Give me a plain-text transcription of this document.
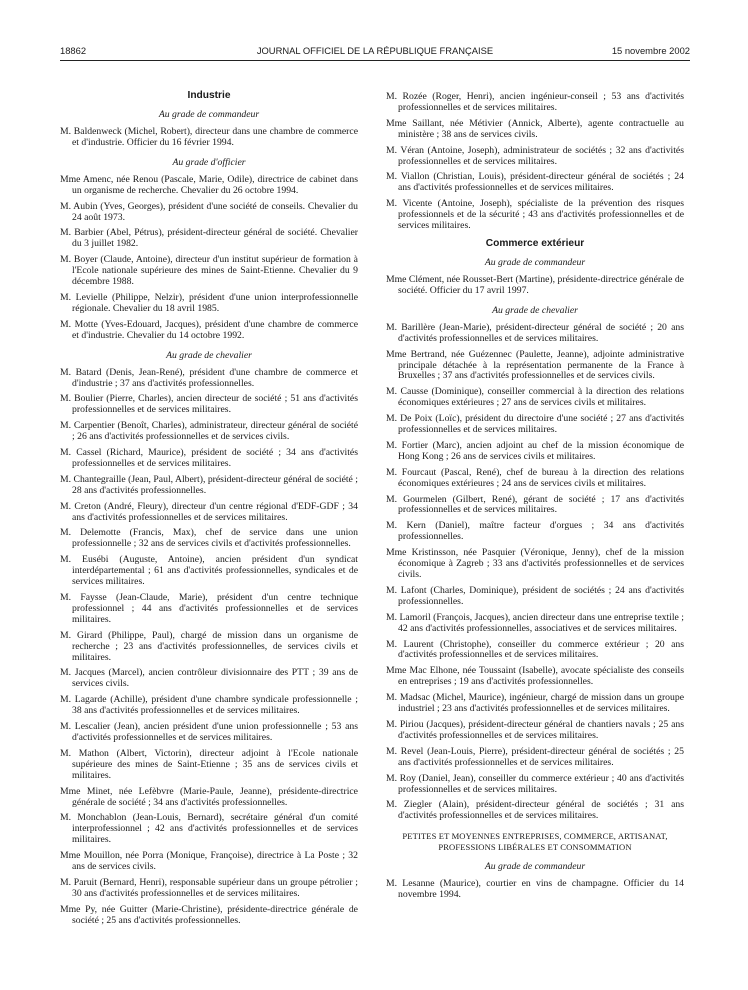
18862	JOURNAL OFFICIEL DE LA RÉPUBLIQUE FRANÇAISE	15 novembre 2002
Industrie
Au grade de commandeur
M. Baldenweck (Michel, Robert), directeur dans une chambre de commerce et d'industrie. Officier du 16 février 1994.
Au grade d'officier
Mme Amenc, née Renou (Pascale, Marie, Odile), directrice de cabinet dans un organisme de recherche. Chevalier du 26 octobre 1994.
M. Aubin (Yves, Georges), président d'une société de conseils. Chevalier du 24 août 1973.
M. Barbier (Abel, Pétrus), président-directeur général de société. Chevalier du 3 juillet 1982.
M. Boyer (Claude, Antoine), directeur d'un institut supérieur de formation à l'Ecole nationale supérieure des mines de Saint-Etienne. Chevalier du 9 décembre 1988.
M. Levielle (Philippe, Nelzir), président d'une union interprofessionnelle régionale. Chevalier du 18 avril 1985.
M. Motte (Yves-Edouard, Jacques), président d'une chambre de commerce et d'industrie. Chevalier du 14 octobre 1992.
Au grade de chevalier
M. Batard (Denis, Jean-René), président d'une chambre de commerce et d'industrie ; 37 ans d'activités professionnelles.
M. Boulier (Pierre, Charles), ancien directeur de société ; 51 ans d'activités professionnelles et de services militaires.
M. Carpentier (Benoît, Charles), administrateur, directeur général de société ; 26 ans d'activités professionnelles et de services civils.
M. Cassel (Richard, Maurice), président de société ; 34 ans d'activités professionnelles et de services militaires.
M. Chantegraille (Jean, Paul, Albert), président-directeur général de société ; 28 ans d'activités professionnelles.
M. Creton (André, Fleury), directeur d'un centre régional d'EDF-GDF ; 34 ans d'activités professionnelles et de services militaires.
M. Delemotte (Francis, Max), chef de service dans une union professionnelle ; 32 ans de services civils et d'activités professionnelles.
M. Eusébi (Auguste, Antoine), ancien président d'un syndicat interdépartemental ; 61 ans d'activités professionnelles, syndicales et de services militaires.
M. Faysse (Jean-Claude, Marie), président d'un centre technique professionnel ; 44 ans d'activités professionnelles et de services militaires.
M. Girard (Philippe, Paul), chargé de mission dans un organisme de recherche ; 23 ans d'activités professionnelles, de services civils et militaires.
M. Jacques (Marcel), ancien contrôleur divisionnaire des PTT ; 39 ans de services civils.
M. Lagarde (Achille), président d'une chambre syndicale professionnelle ; 38 ans d'activités professionnelles et de services militaires.
M. Lescalier (Jean), ancien président d'une union professionnelle ; 53 ans d'activités professionnelles et de services militaires.
M. Mathon (Albert, Victorin), directeur adjoint à l'Ecole nationale supérieure des mines de Saint-Etienne ; 35 ans de services civils et militaires.
Mme Minet, née Lefèbvre (Marie-Paule, Jeanne), présidente-directrice générale de société ; 34 ans d'activités professionnelles.
M. Monchablon (Jean-Louis, Bernard), secrétaire général d'un comité interprofessionnel ; 42 ans d'activités professionnelles et de services militaires.
Mme Mouillon, née Porra (Monique, Françoise), directrice à La Poste ; 32 ans de services civils.
M. Paruit (Bernard, Henri), responsable supérieur dans un groupe pétrolier ; 30 ans d'activités professionnelles et de services militaires.
Mme Py, née Guitter (Marie-Christine), présidente-directrice générale de société ; 25 ans d'activités professionnelles.
M. Rozée (Roger, Henri), ancien ingénieur-conseil ; 53 ans d'activités professionnelles et de services militaires.
Mme Saillant, née Métivier (Annick, Alberte), agente contractuelle au ministère ; 38 ans de services civils.
M. Véran (Antoine, Joseph), administrateur de sociétés ; 32 ans d'activités professionnelles et de services militaires.
M. Viallon (Christian, Louis), président-directeur général de sociétés ; 24 ans d'activités professionnelles et de services militaires.
M. Vicente (Antoine, Joseph), spécialiste de la prévention des risques professionnels et de la sécurité ; 43 ans d'activités professionnelles et de services militaires.
Commerce extérieur
Au grade de commandeur
Mme Clément, née Rousset-Bert (Martine), présidente-directrice générale de société. Officier du 17 avril 1997.
Au grade de chevalier
M. Barillère (Jean-Marie), président-directeur général de société ; 20 ans d'activités professionnelles et de services militaires.
Mme Bertrand, née Guézennec (Paulette, Jeanne), adjointe administrative principale détachée à la représentation permanente de la France à Bruxelles ; 37 ans d'activités professionnelles et de services civils.
M. Causse (Dominique), conseiller commercial à la direction des relations économiques extérieures ; 27 ans de services civils et militaires.
M. De Poix (Loïc), président du directoire d'une société ; 27 ans d'activités professionnelles et de services militaires.
M. Fortier (Marc), ancien adjoint au chef de la mission économique de Hong Kong ; 26 ans de services civils et militaires.
M. Fourcaut (Pascal, René), chef de bureau à la direction des relations économiques extérieures ; 24 ans de services civils et militaires.
M. Gourmelen (Gilbert, René), gérant de société ; 17 ans d'activités professionnelles et de services militaires.
M. Kern (Daniel), maître facteur d'orgues ; 34 ans d'activités professionnelles.
Mme Kristinsson, née Pasquier (Véronique, Jenny), chef de la mission économique à Zagreb ; 33 ans d'activités professionnelles et de services civils.
M. Lafont (Charles, Dominique), président de sociétés ; 24 ans d'activités professionnelles.
M. Lamoril (François, Jacques), ancien directeur dans une entreprise textile ; 42 ans d'activités professionnelles, associatives et de services militaires.
M. Laurent (Christophe), conseiller du commerce extérieur ; 20 ans d'activités professionnelles et de services militaires.
Mme Mac Elhone, née Toussaint (Isabelle), avocate spécialiste des conseils en entreprises ; 19 ans d'activités professionnelles.
M. Madsac (Michel, Maurice), ingénieur, chargé de mission dans un groupe industriel ; 23 ans d'activités professionnelles et de services militaires.
M. Piriou (Jacques), président-directeur général de chantiers navals ; 25 ans d'activités professionnelles et de services militaires.
M. Revel (Jean-Louis, Pierre), président-directeur général de sociétés ; 25 ans d'activités professionnelles et de services militaires.
M. Roy (Daniel, Jean), conseiller du commerce extérieur ; 40 ans d'activités professionnelles et de services militaires.
M. Ziegler (Alain), président-directeur général de sociétés ; 31 ans d'activités professionnelles et de services militaires.
PETITES ET MOYENNES ENTREPRISES, COMMERCE, ARTISANAT, PROFESSIONS LIBÉRALES ET CONSOMMATION
Au grade de commandeur
M. Lesanne (Maurice), courtier en vins de champagne. Officier du 14 novembre 1994.
